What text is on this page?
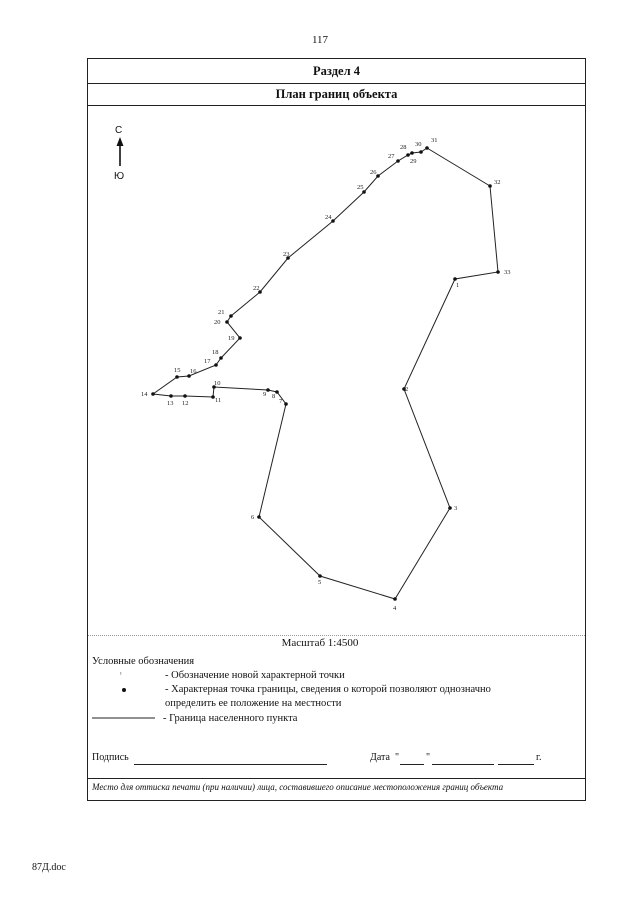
117
Раздел 4
План границ объекта
С
Ю
31
32
33
1
2
3
4
5
6
7
8
9
10
11
12
13
14
15 16
17
18
19
20
21
22
23
24
25
26
27
28
29
30
Масштаб 1:4500
Условные обозначения
¹	- Обозначение новой характерной точки
- Характерная точка границы, сведения о которой позволяют однозначно
определить ее положение на местности
- Граница населенного пункта
Подпись	Дата "	"	г.
Место для оттиска печати (при наличии) лица, составившего описание местоположения границ объекта
87Д.doc
